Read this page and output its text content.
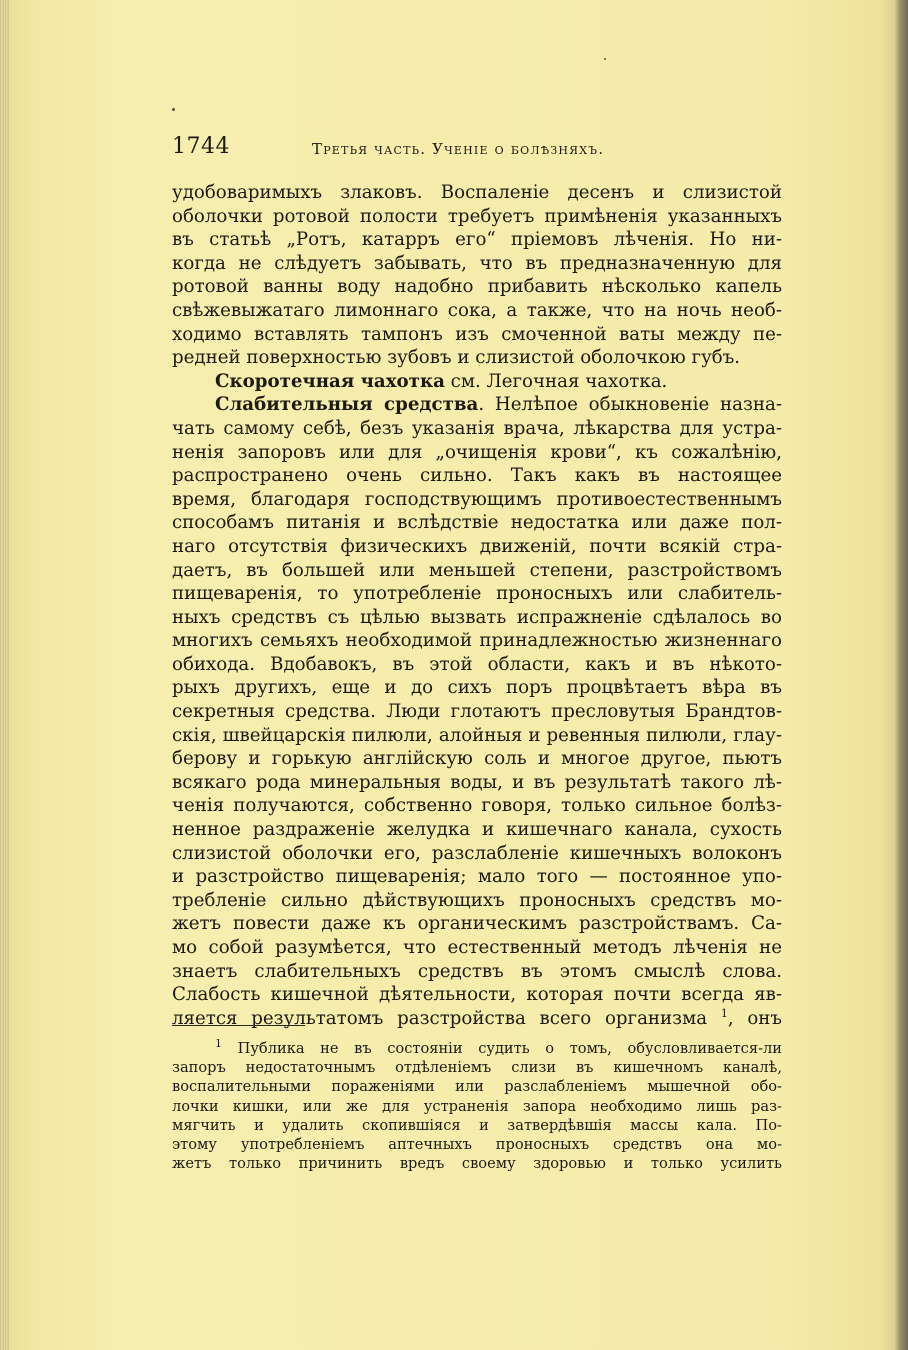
1744	Третья часть. Ученіе о болѣзняхъ.
удобоваримыхъ злаковъ. Воспаленіе десенъ и слизистой
оболочки ротовой полости требуетъ примѣненія указанныхъ
въ статьѣ „Ротъ, катарръ его“ пріемовъ лѣченія. Но ни-
когда не слѣдуетъ забывать, что въ предназначенную для
ротовой ванны воду надобно прибавить нѣсколько капель
свѣжевыжатаго лимоннаго сока, а также, что на ночь необ-
ходимо вставлять тампонъ изъ смоченной ваты между пе-
редней поверхностью зубовъ и слизистой оболочкою губъ.
Скоротечная чахотка см. Легочная чахотка.
Слабительныя средства. Нелѣпое обыкновеніе назна-
чать самому себѣ, безъ указанія врача, лѣкарства для устра-
ненія запоровъ или для „очищенія крови“, къ сожалѣнію,
распространено очень сильно. Такъ какъ въ настоящее
время, благодаря господствующимъ противоестественнымъ
способамъ питанія и вслѣдствіе недостатка или даже пол-
наго отсутствія физическихъ движеній, почти всякій стра-
даетъ, въ большей или меньшей степени, разстройствомъ
пищеваренія, то употребленіе проносныхъ или слабитель-
ныхъ средствъ съ цѣлью вызвать испражненіе сдѣлалось во
многихъ семьяхъ необходимой принадлежностью жизненнаго
обихода. Вдобавокъ, въ этой области, какъ и въ нѣкото-
рыхъ другихъ, еще и до сихъ поръ процвѣтаетъ вѣра въ
секретныя средства. Люди глотаютъ пресловутыя Брандтов-
скія, швейцарскія пилюли, алойныя и ревенныя пилюли, глау-
берову и горькую англійскую соль и многое другое, пьютъ
всякаго рода минеральныя воды, и въ результатѣ такого лѣ-
ченія получаются, собственно говоря, только сильное болѣз-
ненное раздраженіе желудка и кишечнаго канала, сухость
слизистой оболочки его, разслабленіе кишечныхъ волоконъ
и разстройство пищеваренія; мало того — постоянное упо-
требленіе сильно дѣйствующихъ проносныхъ средствъ мо-
жетъ повести даже къ органическимъ разстройствамъ. Са-
мо собой разумѣется, что естественный методъ лѣченія не
знаетъ слабительныхъ средствъ въ этомъ смыслѣ слова.
Слабость кишечной дѣятельности, которая почти всегда яв-
ляется результатомъ разстройства всего организма $^1$, онъ
$^1$ Публика не въ состояніи судить о томъ, обусловливается-ли
запоръ недостаточнымъ отдѣленіемъ слизи въ кишечномъ каналѣ,
воспалительными пораженіями или разслабленіемъ мышечной обо-
лочки кишки, или же для устраненія запора необходимо лишь раз-
мягчить и удалить скопившіяся и затвердѣвшія массы кала. По-
этому употребленіемъ аптечныхъ проносныхъ средствъ она мо-
жетъ только причинить вредъ своему здоровью и только усилить
